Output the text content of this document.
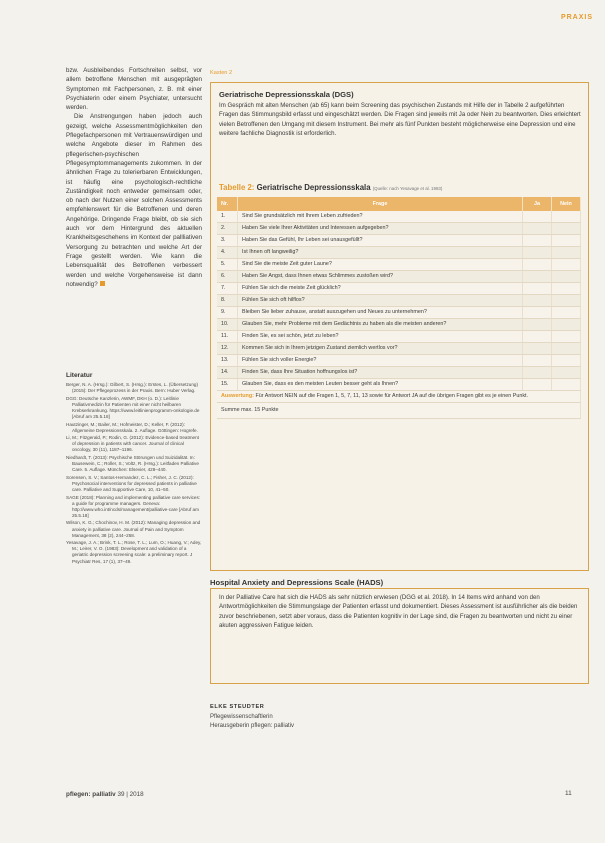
PRAXIS

bzw. Ausbleibendes Fortschreiten selbst, vor allem betroffene Menschen mit ausgeprägten Symptomen mit Fachpersonen, z. B. mit einer Psychiaterin oder einem Psychiater, untersucht werden.

Die Anstrengungen haben jedoch auch gezeigt, welche Assessmentmöglichkeiten den Pflegefachpersonen mit Vertrauenswürdigen und welche Angebote dieser im Rahmen des pflegerischen-psychischen Pflegesymptommanagements zukommen. In der ähnlichen Frage zu tolerierbaren Entwicklungen, ist häufig eine psychologisch-rechtliche Zuständigkeit noch entweder gemeinsam oder, ob nach der Nutzen einer solchen Assessments empfehlenswert für die Betroffenen und deren Angehörige. Dringende Frage bleibt, ob sie sich auch vor dem Hintergrund des aktuellen Krankheitsgeschehens im Kontext der pallliativen Versorgung zu betrachten und welche Art der Frage gestellt werden. Wie kann die Lebensqualität des Betroffenen verbessert werden und welche Vorgehensweise ist dann notwendig?

Literatur
Berger, N. A. (Hrsg.): Gilbert, S. (Hrsg.): Erstes, L. (Übersetzung) (2015): Der Pflegeprozess in der Praxis. Bern: Huber Verlag.
DGG: Deutsche Kanzlerin, AWMF, DKH (o. D.): Leitlinie Palliativmedizin für Patienten mit einer nicht heilbaren Krebserkrankung. https://www.leitlinienprogramm-onkologie.de [Abruf am 25.5.18]
Hautzinger, M.; Bailer, M.; Hofmeister, D.; Keller, F. (2012): Allgemeine Depressionsskala. 2. Auflage. Göttingen: Hogrefe.
Li, M.; Fitzgerald, P.; Rodin, G. (2012): Evidence-based treatment of depression in patients with cancer. Journal of clinical oncology, 30 (11), 1187–1196.
Niedhardt, T. (2013): Psychische Störungen und Suizidalität. In: Bausewein, C.; Roller, S.; Voltz, R. (Hrsg.): Leitfaden Palliative Care. 5. Auflage. München: Elsevier, 428–440.
Sorensen, S. V.; Santos-Hernandez, C. L.; Fisher, J. C. (2012): Psychosocial interventions for depressed patients in palliative care. Palliative and Supportive Care, 10, 41–50.
SAGE (2018): Planning and implementing palliative care services: a guide for programme managers. Geneva: http://www.who.int/ncds/management/palliative-care [Abruf am 25.5.18]
Wilson, K. G.; Chochinov, H. M. (2012): Managing depression and anxiety in palliative care. Journal of Pain and Symptom Management, 38 (2), 244–258.
Yesavage, J. A.; Brink, T. L.; Rose, T. L.; Lum, O.; Huang, V.; Adey, M.; Leirer, V. O. (1983): Development and validation of a geriatric depression screening scale: a preliminary report. J Psychiatr Res, 17 (1), 37–49.
Kasten 2
Geriatrische Depressionsskala (DGS)
Im Gespräch mit alten Menschen (ab 65) kann beim Screening das psychischen Zustands mit Hilfe der in Tabelle 2 aufgeführten Fragen das Stimmungsbild erfasst und eingeschätzt werden. Die Fragen sind jeweils mit Ja oder Nein zu beantworten. Dies erleichtert vielen Betroffenen den Umgang mit diesem Instrument. Bei mehr als fünf Punkten besteht möglicherweise eine Depression und eine weitere fachliche Diagnostik ist erforderlich.
Tabelle 2: Geriatrische Depressionsskala (Quelle: nach Yesavage et al. 1983)
Nr.	Frage	Ja	Nein
1.	Sind Sie grundsätzlich mit Ihrem Leben zufrieden?		
2.	Haben Sie viele Ihrer Aktivitäten und Interessen aufgegeben?		
3.	Haben Sie das Gefühl, Ihr Leben sei unausgefüllt?		
4.	Ist Ihnen oft langweilig?		
5.	Sind Sie die meiste Zeit guter Laune?		
6.	Haben Sie Angst, dass Ihnen etwas Schlimmes zustoßen wird?		
7.	Fühlen Sie sich die meiste Zeit glücklich?		
8.	Fühlen Sie sich oft hilflos?		
9.	Bleiben Sie lieber zuhause, anstatt auszugehen und Neues zu unternehmen?		
10.	Glauben Sie, mehr Probleme mit dem Gedächtnis zu haben als die meisten anderen?		
11.	Finden Sie, es sei schön, jetzt zu leben?		
12.	Kommen Sie sich in Ihrem jetzigen Zustand ziemlich wertlos vor?		
13.	Fühlen Sie sich voller Energie?		
14.	Finden Sie, dass Ihre Situation hoffnungslos ist?		
15.	Glauben Sie, dass es den meisten Leuten besser geht als Ihnen?		
Auswertung: Für Antwort NEIN auf die Fragen 1, 5, 7, 11, 13 sowie für Antwort JA auf die übrigen Fragen gibt es je einen Punkt.			
Summe max. 15 Punkte			
Hospital Anxiety and Depressions Scale (HADS)
In der Palliative Care hat sich die HADS als sehr nützlich erwiesen (DGG et al. 2018). In 14 Items wird anhand von den Antwortmöglichkeiten die Stimmungslage der Patienten erfasst und dokumentiert. Dieses Assessment ist ausführlicher als die beiden zuvor beschriebenen, setzt aber voraus, dass die Patienten kognitiv in der Lage sind, die Fragen zu beantworten und nicht zu einer akuten aggressiven Fatigue leiden.
ELKE STEUDTER
Pflegewissenschaftlerin
Herausgeberin pflegen: palliativ
pflegen: palliativ 39 | 2018	11
